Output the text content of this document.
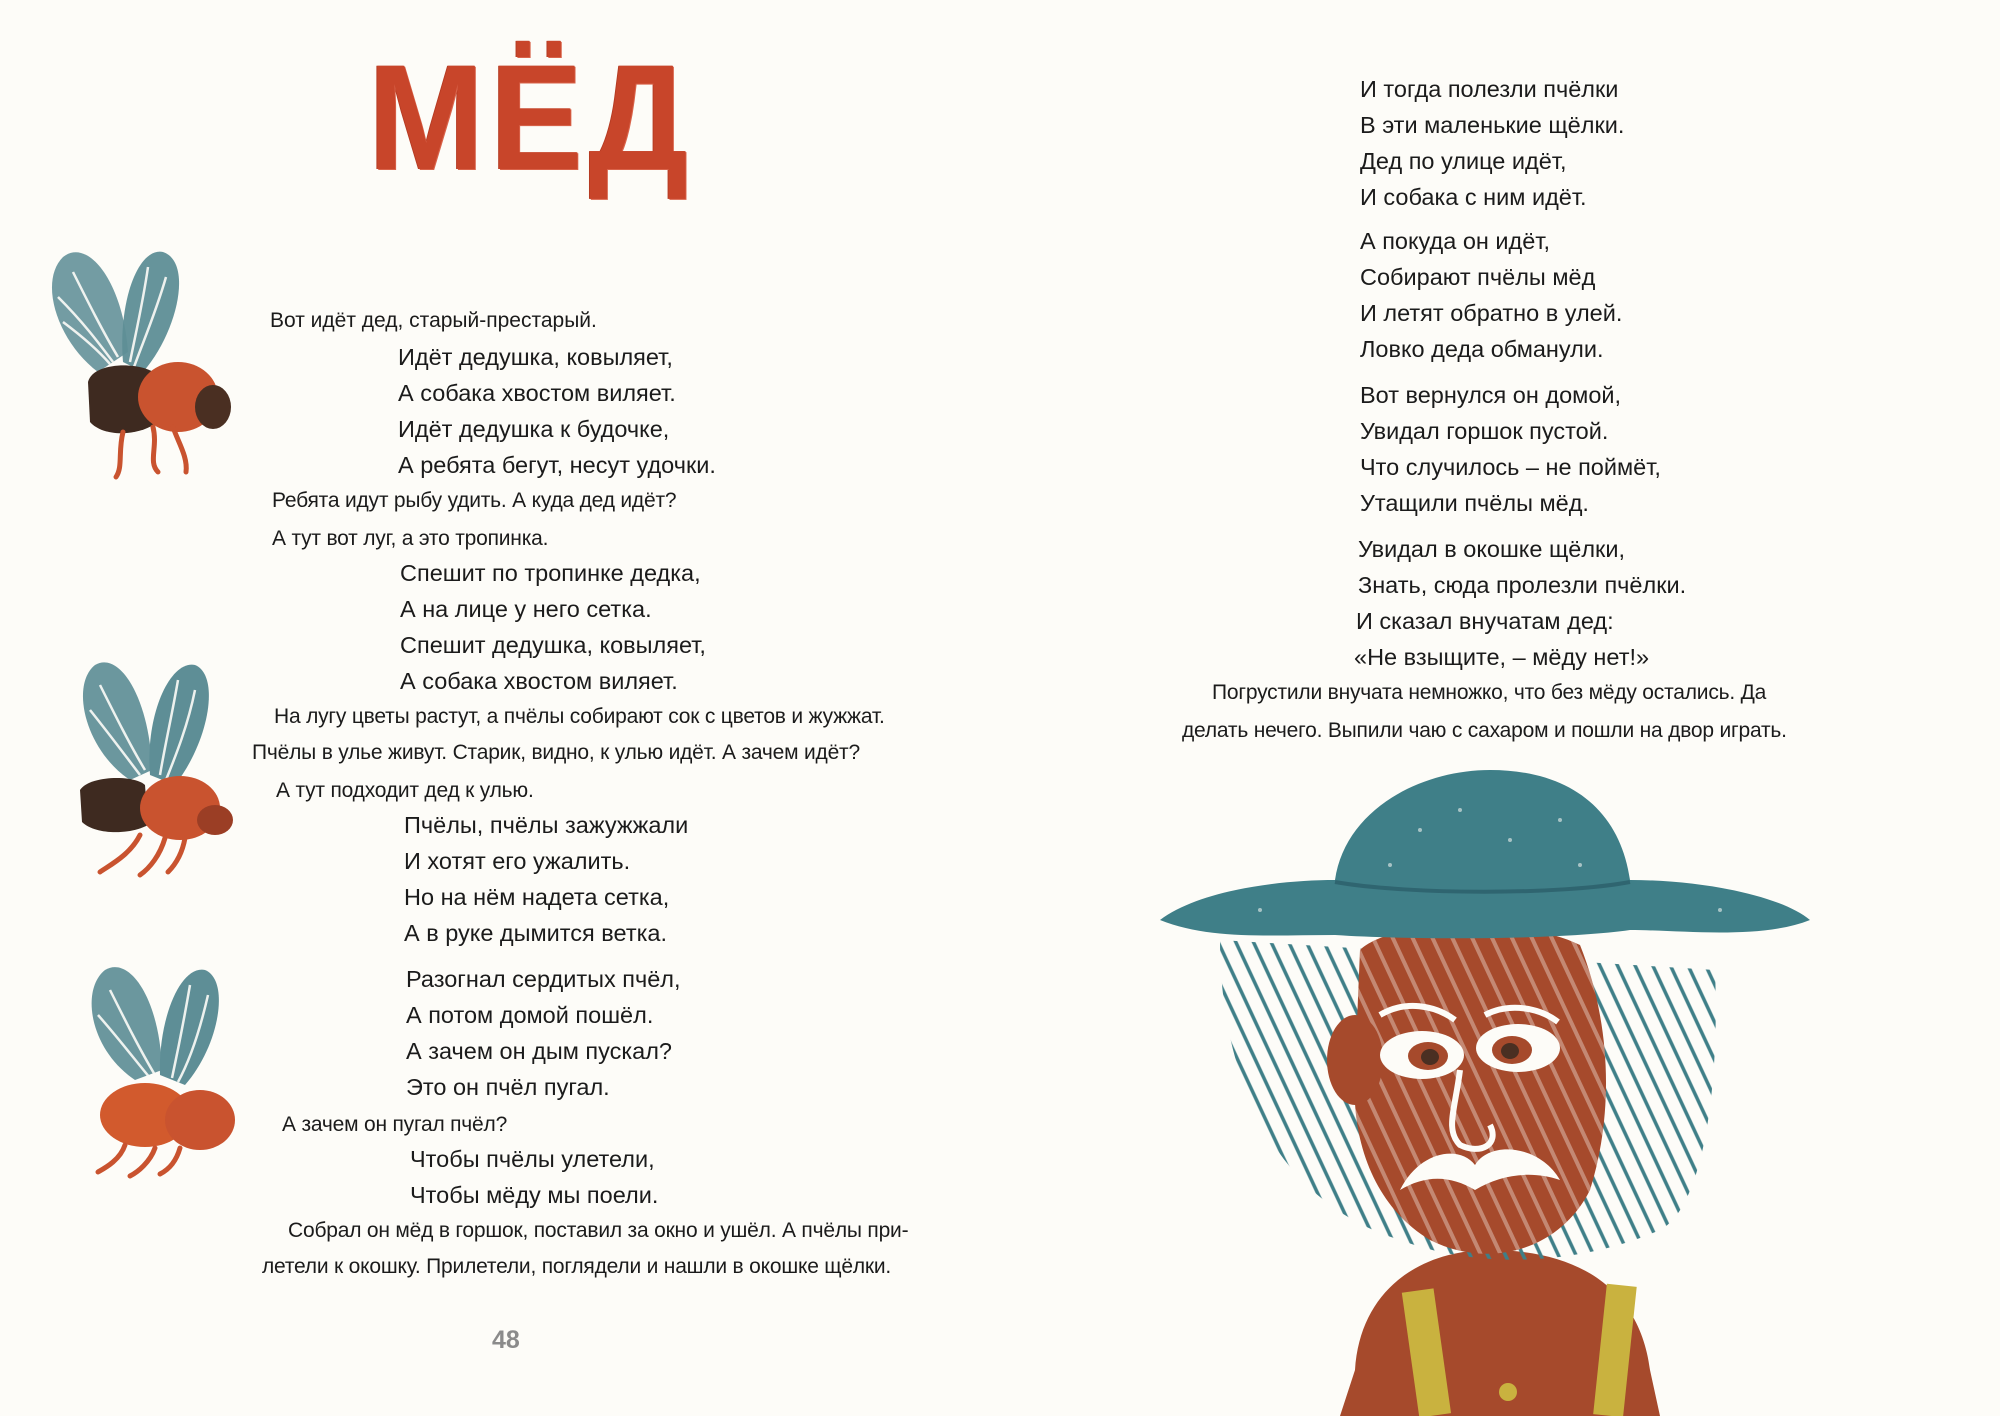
МЁД
Вот идёт дед, старый-престарый.
Идёт дедушка, ковыляет,
А собака хвостом виляет.
Идёт дедушка к будочке,
А ребята бегут, несут удочки.
Ребята идут рыбу удить. А куда дед идёт?
А тут вот луг, а это тропинка.
Спешит по тропинке дедка,
А на лице у него сетка.
Спешит дедушка, ковыляет,
А собака хвостом виляет.
На лугу цветы растут, а пчёлы собирают сок с цветов и жужжат.
Пчёлы в улье живут. Старик, видно, к улью идёт. А зачем идёт?
А тут подходит дед к улью.
Пчёлы, пчёлы зажужжали
И хотят его ужалить.
Но на нём надета сетка,
А в руке дымится ветка.
Разогнал сердитых пчёл,
А потом домой пошёл.
А зачем он дым пускал?
Это он пчёл пугал.
А зачем он пугал пчёл?
Чтобы пчёлы улетели,
Чтобы мёду мы поели.
Собрал он мёд в горшок, поставил за окно и ушёл. А пчёлы при-
летели к окошку. Прилетели, поглядели и нашли в окошке щёлки.
48
И тогда полезли пчёлки
В эти маленькие щёлки.
Дед по улице идёт,
И собака с ним идёт.
А покуда он идёт,
Собирают пчёлы мёд
И летят обратно в улей.
Ловко деда обманули.
Вот вернулся он домой,
Увидал горшок пустой.
Что случилось – не поймёт,
Утащили пчёлы мёд.
Увидал в окошке щёлки,
Знать, сюда пролезли пчёлки.
И сказал внучатам дед:
«Не взыщите, – мёду нет!»
Погрустили внучата немножко, что без мёду остались. Да
делать нечего. Выпили чаю с сахаром и пошли на двор играть.
